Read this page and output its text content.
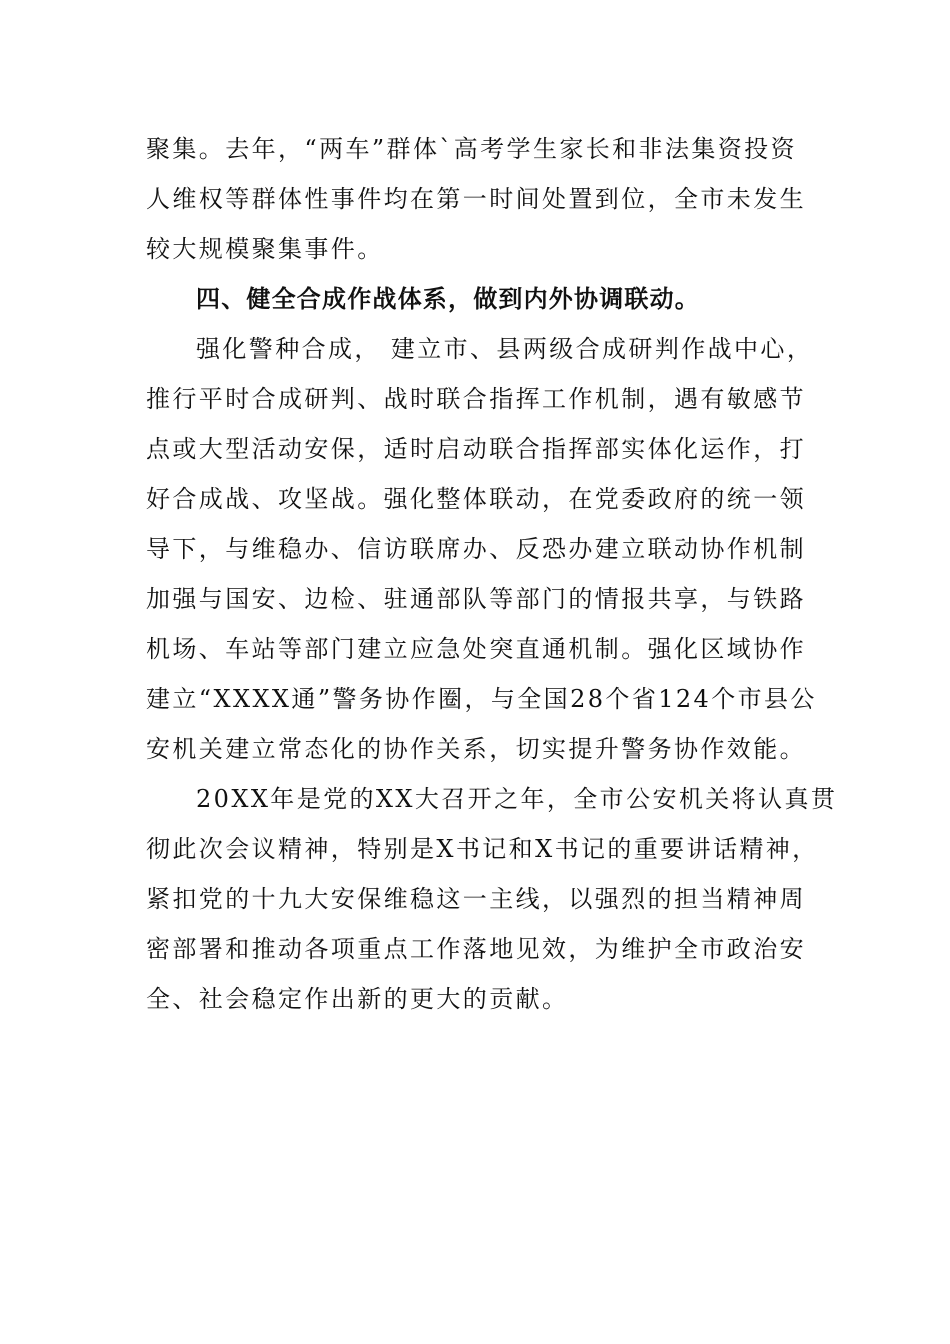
聚集。去年，“两车”群体`高考学生家长和非法集资投资
人维权等群体性事件均在第一时间处置到位，全市未发生
较大规模聚集事件。
四、健全合成作战体系，做到内外协调联动。
强化警种合成， 建立市、县两级合成研判作战中心，
推行平时合成研判、战时联合指挥工作机制，遇有敏感节
点或大型活动安保，适时启动联合指挥部实体化运作，打
好合成战、攻坚战。强化整体联动，在党委政府的统一领
导下，与维稳办、信访联席办、反恐办建立联动协作机制
加强与国安、边检、驻通部队等部门的情报共享，与铁路
机场、车站等部门建立应急处突直通机制。强化区域协作
建立“XXXX通”警务协作圈，与全国28个省124个市县公
安机关建立常态化的协作关系，切实提升警务协作效能。
20XX年是党的XX大召开之年，全市公安机关将认真贯
彻此次会议精神，特别是X书记和X书记的重要讲话精神，
紧扣党的十九大安保维稳这一主线，以强烈的担当精神周
密部署和推动各项重点工作落地见效，为维护全市政治安
全、社会稳定作出新的更大的贡献。
